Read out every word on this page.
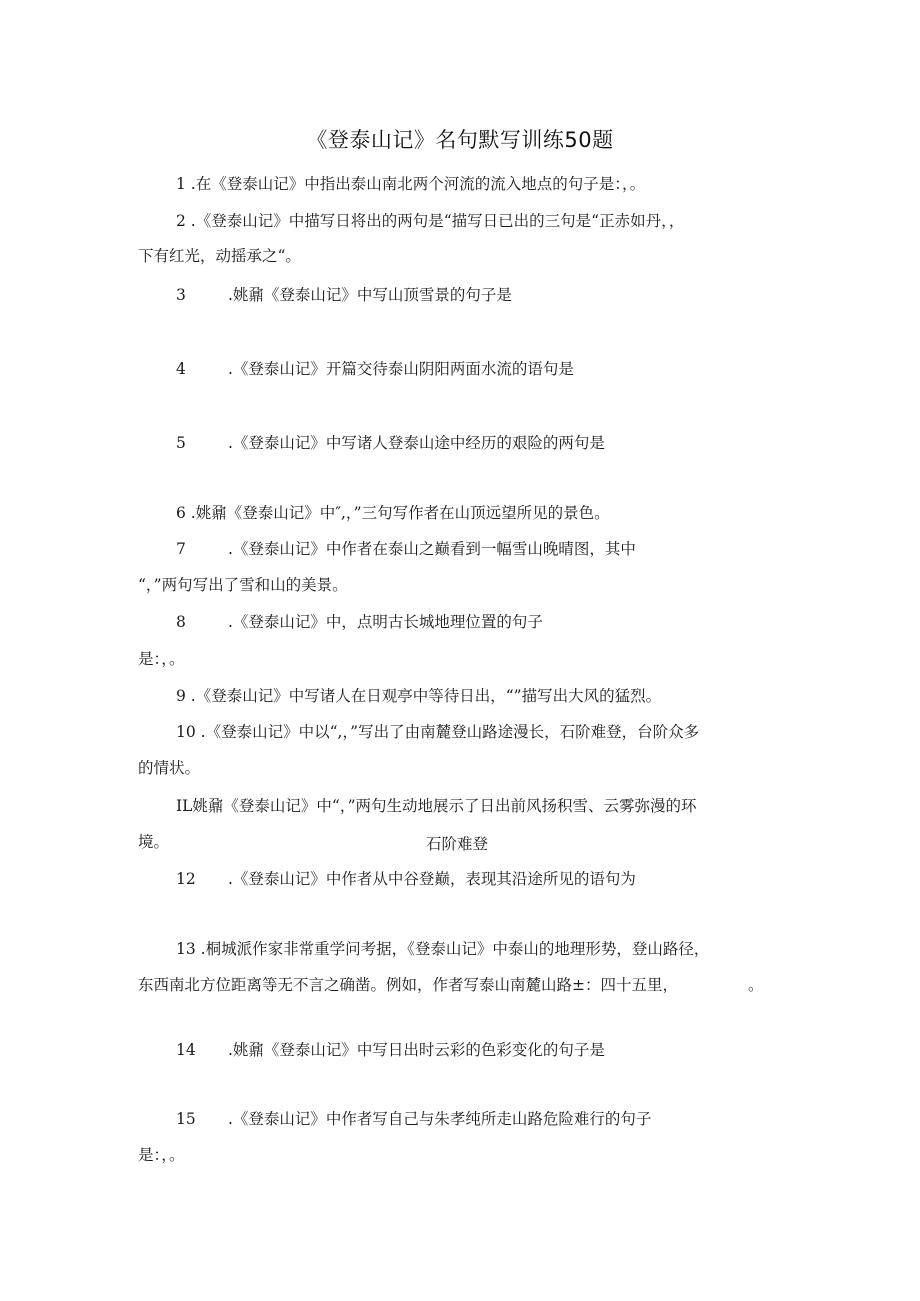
《登泰山记》名句默写训练50题
1 .在《登泰山记》中指出泰山南北两个河流的流入地点的句子是：，。
2 .《登泰山记》中描写日将出的两句是“描写日已出的三句是“正赤如丹，，
下有红光，动摇承之“。
3	.姚鼐《登泰山记》中写山顶雪景的句子是
4	.《登泰山记》开篇交待泰山阴阳两面水流的语句是
5	.《登泰山记》中写诸人登泰山途中经历的艰险的两句是
6 .姚鼐《登泰山记》中″,，”三句写作者在山顶远望所见的景色。
7	.《登泰山记》中作者在泰山之巅看到一幅雪山晚晴图，其中
“，”两句写出了雪和山的美景。
8	.《登泰山记》中，点明古长城地理位置的句子
是：，。
9 .《登泰山记》中写诸人在日观亭中等待日出，“”描写出大风的猛烈。
10 .《登泰山记》中以“,，”写出了由南麓登山路途漫长，石阶难登，台阶众多
的情状。
IL姚鼐《登泰山记》中“，”两句生动地展示了日出前风扬积雪、云雾弥漫的环
境。	石阶难登
12 .《登泰山记》中作者从中谷登巅，表现其沿途所见的语句为
13 .桐城派作家非常重学问考据，《登泰山记》中泰山的地理形势，登山路径，
东西南北方位距离等无不言之确凿。例如，作者写泰山南麓山路±：四十五里，	。
14 .姚鼐《登泰山记》中写日出时云彩的色彩变化的句子是
15 .《登泰山记》中作者写自己与朱孝纯所走山路危险难行的句子
是：，。
